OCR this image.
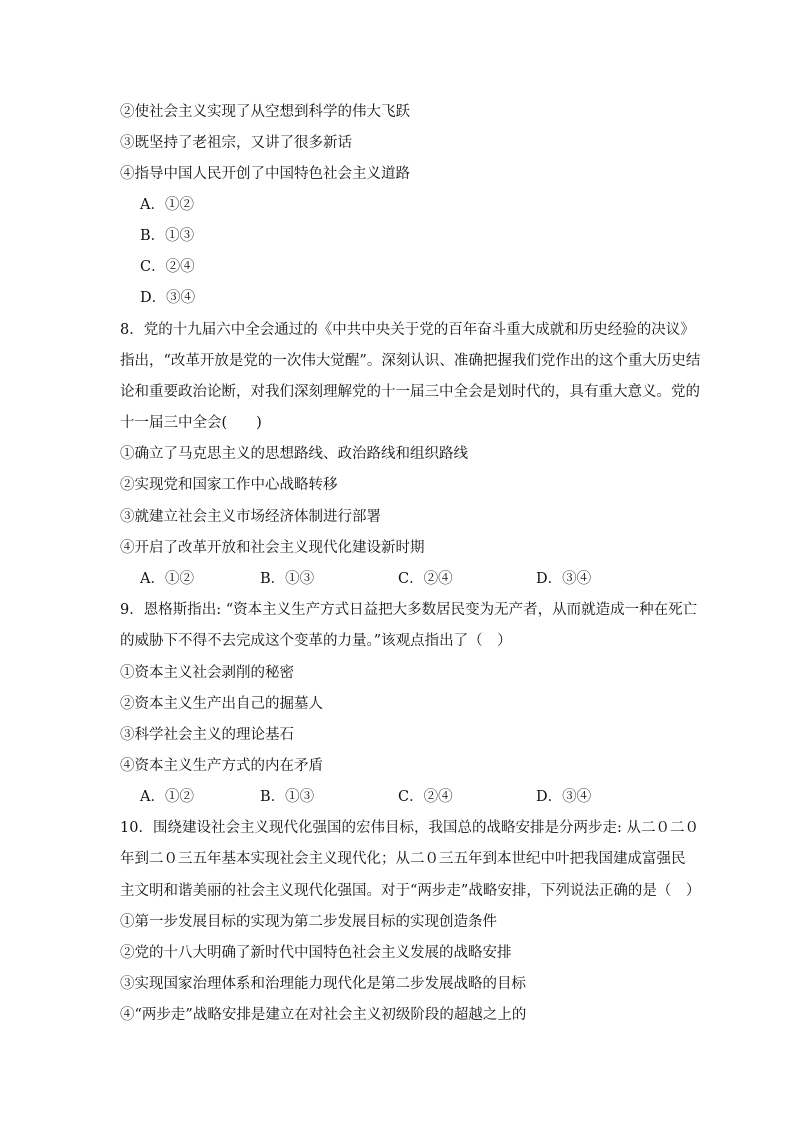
②使社会主义实现了从空想到科学的伟大飞跃
③既坚持了老祖宗，又讲了很多新话
④指导中国人民开创了中国特色社会主义道路
A．①②
B．①③
C．②④
D．③④
8．党的十九届六中全会通过的《中共中央关于党的百年奋斗重大成就和历史经验的决议》
指出，“改革开放是党的一次伟大觉醒”。深刻认识、准确把握我们党作出的这个重大历史结
论和重要政治论断，对我们深刻理解党的十一届三中全会是划时代的，具有重大意义。党的
十一届三中全会(　　)
①确立了马克思主义的思想路线、政治路线和组织路线
②实现党和国家工作中心战略转移
③就建立社会主义市场经济体制进行部署
④开启了改革开放和社会主义现代化建设新时期
A．①②	B．①③	C．②④	D．③④
9．恩格斯指出: “资本主义生产方式日益把大多数居民变为无产者，从而就造成一种在死亡
的威胁下不得不去完成这个变革的力量。”该观点指出了（　）
①资本主义社会剥削的秘密
②资本主义生产出自己的掘墓人
③科学社会主义的理论基石
④资本主义生产方式的内在矛盾
A．①②	B．①③	C．②④	D．③④
10．围绕建设社会主义现代化强国的宏伟目标，我国总的战略安排是分两步走: 从二０二０
年到二０三五年基本实现社会主义现代化；从二０三五年到本世纪中叶把我国建成富强民
主文明和谐美丽的社会主义现代化强国。对于“两步走”战略安排，下列说法正确的是（　）
①第一步发展目标的实现为第二步发展目标的实现创造条件
②党的十八大明确了新时代中国特色社会主义发展的战略安排
③实现国家治理体系和治理能力现代化是第二步发展战略的目标
④“两步走”战略安排是建立在对社会主义初级阶段的超越之上的
